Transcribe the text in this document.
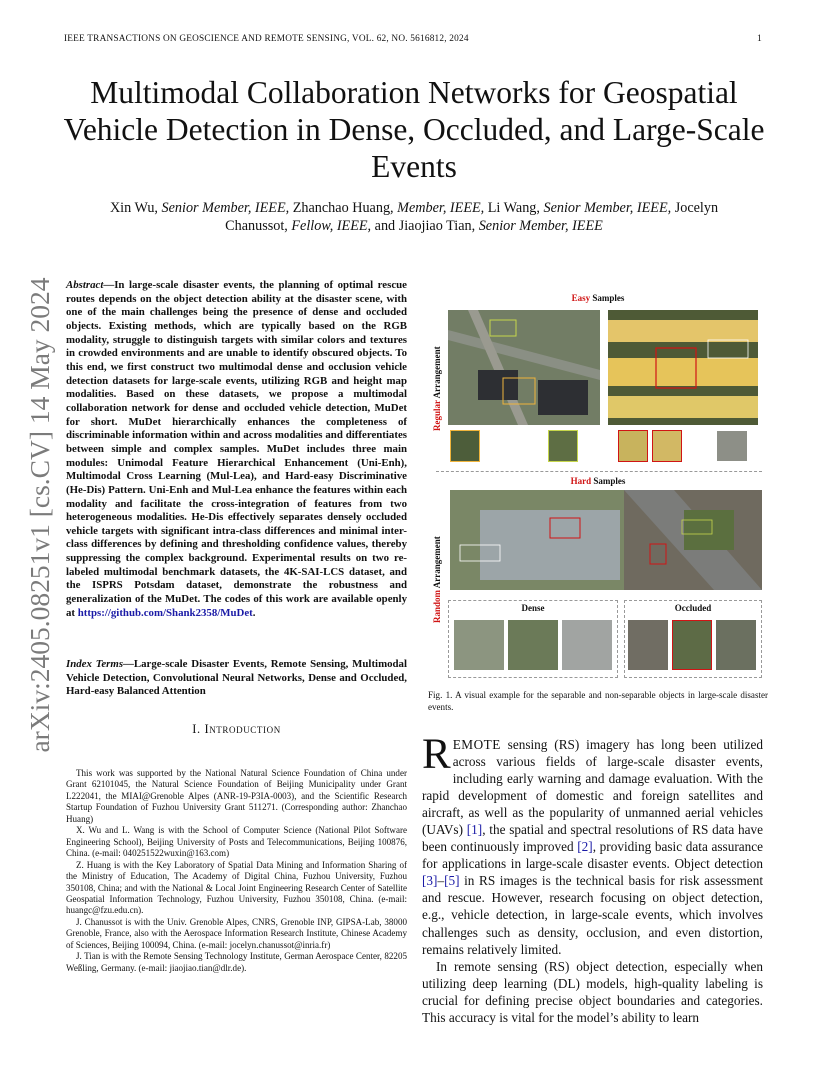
IEEE TRANSACTIONS ON GEOSCIENCE AND REMOTE SENSING, VOL. 62, NO. 5616812, 2024	1
Multimodal Collaboration Networks for Geospatial Vehicle Detection in Dense, Occluded, and Large-Scale Events
Xin Wu, Senior Member, IEEE, Zhanchao Huang, Member, IEEE, Li Wang, Senior Member, IEEE, Jocelyn
Chanussot, Fellow, IEEE, and Jiaojiao Tian, Senior Member, IEEE
arXiv:2405.08251v1 [cs.CV] 14 May 2024 Abstract—In large-scale disaster events, the planning of optimal rescue routes depends on the object detection ability at the disaster scene, with one of the main challenges being the presence of dense and occluded objects. Existing methods, which are typically based on the RGB modality, struggle to distinguish targets with similar colors and textures in crowded environments and are unable to identify obscured objects. To this end, we first construct two multimodal dense and occlusion vehicle detection datasets for large-scale events, utilizing RGB and height map modalities. Based on these datasets, we propose a multimodal collaboration network for dense and occluded vehicle detection, MuDet for short. MuDet hierarchically enhances the completeness of discriminable information within and across modalities and differentiates between simple and complex samples. MuDet includes three main modules: Unimodal Feature Hierarchical Enhancement (Uni-Enh), Multimodal Cross Learning (Mul-Lea), and Hard-easy Discriminative (He-Dis) Pattern. Uni-Enh and Mul-Lea enhance the features within each modality and facilitate the cross-integration of features from two heterogeneous modalities. He-Dis effectively separates densely occluded vehicle targets with significant intra-class differences and minimal inter-class differences by defining and thresholding confidence values, thereby suppressing the complex background. Experimental results on two re-labeled multimodal benchmark datasets, the 4K-SAI-LCS dataset, and the ISPRS Potsdam dataset, demonstrate the robustness and generalization of the MuDet. The codes of this work are available openly at https://github.com/Shank2358/MuDet.
Index Terms—Large-scale Disaster Events, Remote Sensing, Multimodal Vehicle Detection, Convolutional Neural Networks, Dense and Occluded, Hard-easy Balanced Attention
I. Introduction

This work was supported by the National Natural Science Foundation of China under Grant 62101045, the Natural Science Foundation of Beijing Municipality under Grant L222041, the MIAI@Grenoble Alpes (ANR-19-P3IA-0003), and the Scientific Research Startup Foundation of Fuzhou University Grant 511271. (Corresponding author: Zhanchao Huang)

X. Wu and L. Wang is with the School of Computer Science (National Pilot Software Engineering School), Beijing University of Posts and Telecommunications, Beijing 100876, China. (e-mail: 040251522wuxin@163.com)

Z. Huang is with the Key Laboratory of Spatial Data Mining and Information Sharing of the Ministry of Education, The Academy of Digital China, Fuzhou University, Fuzhou 350108, China; and with the National & Local Joint Engineering Research Center of Satellite Geospatial Information Technology, Fuzhou University, Fuzhou 350108, China. (e-mail: huangc@fzu.edu.cn).

J. Chanussot is with the Univ. Grenoble Alpes, CNRS, Grenoble INP, GIPSA-Lab, 38000 Grenoble, France, also with the Aerospace Information Research Institute, Chinese Academy of Sciences, Beijing 100094, China. (e-mail: jocelyn.chanussot@inria.fr)

J. Tian is with the Remote Sensing Technology Institute, German Aerospace Center, 82205 Weßling, Germany. (e-mail: jiaojiao.tian@dlr.de).

Easy Samples
Regular Arrangement
Hard Samples
Random Arrangement
Dense	Occluded
Fig. 1. A visual example for the separable and non-separable objects in large-scale disaster events.

REMOTE sensing (RS) imagery has long been utilized across various fields of large-scale disaster events, including early warning and damage evaluation. With the rapid development of domestic and foreign satellites and aircraft, as well as the popularity of unmanned aerial vehicles (UAVs) [1], the spatial and spectral resolutions of RS data have been continuously improved [2], providing basic data assurance for applications in large-scale disaster events. Object detection [3]–[5] in RS images is the technical basis for risk assessment and rescue. However, research focusing on object detection, e.g., vehicle detection, in large-scale events, which involves challenges such as density, occlusion, and even distortion, remains relatively limited.

In remote sensing (RS) object detection, especially when utilizing deep learning (DL) models, high-quality labeling is crucial for defining precise object boundaries and categories. This accuracy is vital for the model’s ability to learn
